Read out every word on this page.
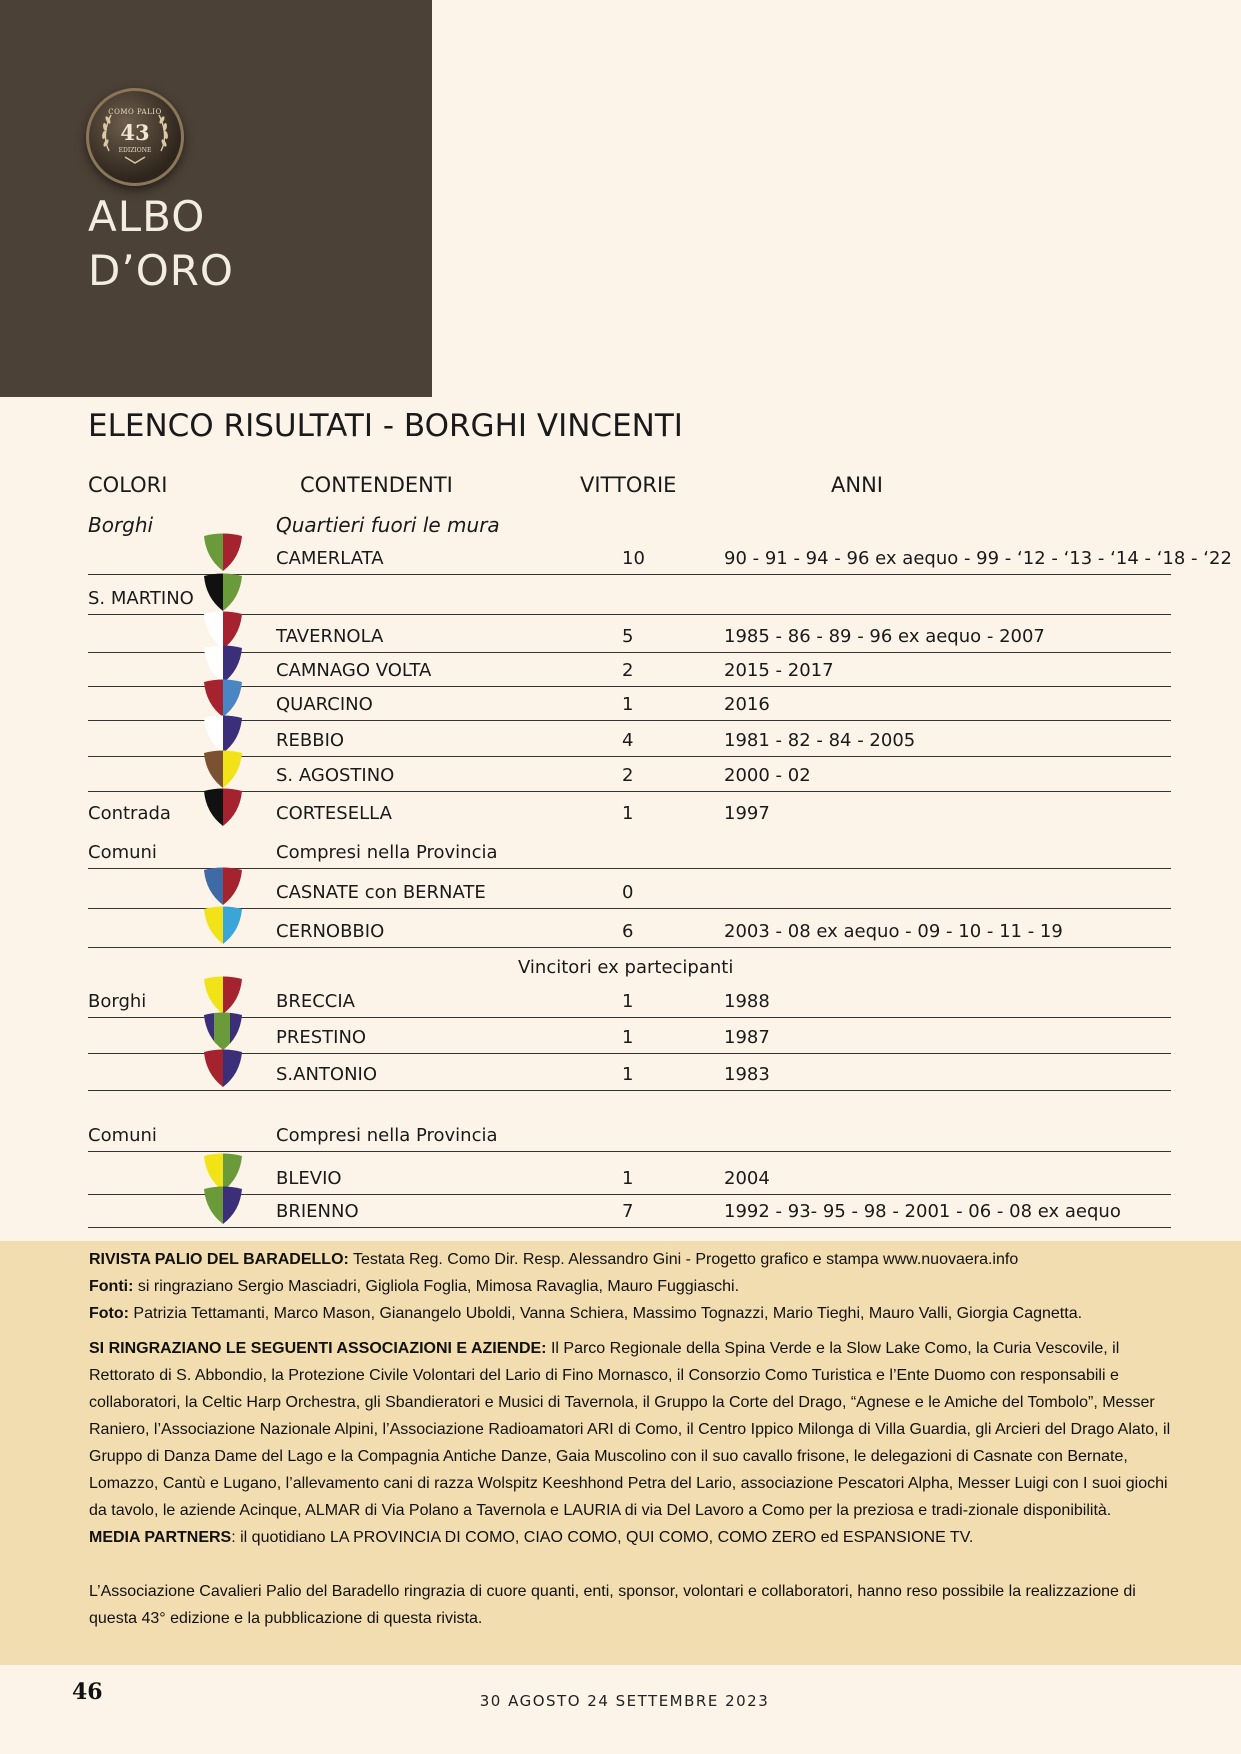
COMO PALIO
43
EDIZIONE
ALBO
D’ORO
ELENCO RISULTATI - BORGHI VINCENTI
COLORI	CONTENDENTI	VITTORIE	ANNI
Borghi	Quartieri fuori le mura
CAMERLATA	10	90 - 91 - 94 - 96 ex aequo - 99 - ‘12 - ‘13 - ‘14 - ‘18 - ‘22
S. MARTINO
TAVERNOLA	5	1985 - 86 - 89 - 96 ex aequo - 2007
CAMNAGO VOLTA	2	2015 - 2017
QUARCINO	1	2016
REBBIO	4	1981 - 82 - 84 - 2005
S. AGOSTINO	2	2000 - 02
Contrada	CORTESELLA	1	1997
Comuni	Compresi nella Provincia
CASNATE con BERNATE	0
CERNOBBIO	6	2003 - 08 ex aequo - 09 - 10 - 11 - 19
Vincitori ex partecipanti
Borghi	BRECCIA	1	1988
PRESTINO	1	1987
S.ANTONIO	1	1983
Comuni	Compresi nella Provincia
BLEVIO	1	2004
BRIENNO	7	1992 - 93- 95 - 98 - 2001 - 06 - 08 ex aequo

RIVISTA PALIO DEL BARADELLO: Testata Reg. Como Dir. Resp. Alessandro Gini - Progetto grafico e stampa www.nuovaera.info

Fonti: si ringraziano Sergio Masciadri, Gigliola Foglia, Mimosa Ravaglia, Mauro Fuggiaschi.

Foto: Patrizia Tettamanti, Marco Mason, Gianangelo Uboldi, Vanna Schiera, Massimo Tognazzi, Mario Tieghi, Mauro Valli, Giorgia Cagnetta.

SI RINGRAZIANO LE SEGUENTI ASSOCIAZIONI E AZIENDE: Il Parco Regionale della Spina Verde e la Slow Lake Como, la Curia Vescovile, il Rettorato di S. Abbondio, la Protezione Civile Volontari del Lario di Fino Mornasco, il Consorzio Como Turistica e l’Ente Duomo con responsabili e collaboratori, la Celtic Harp Orchestra, gli Sbandieratori e Musici di Tavernola, il Gruppo la Corte del Drago, “Agnese e le Amiche del Tombolo”, Messer Raniero, l’Associazione Nazionale Alpini, l’Associazione Radioamatori ARI di Como, il Centro Ippico Milonga di Villa Guardia, gli Arcieri del Drago Alato, il Gruppo di Danza Dame del Lago e la Compagnia Antiche Danze, Gaia Muscolino con il suo cavallo frisone, le delegazioni di Casnate con Bernate, Lomazzo, Cantù e Lugano, l’allevamento cani di razza Wolspitz Keeshhond Petra del Lario, associazione Pescatori Alpha, Messer Luigi con I suoi giochi da tavolo, le aziende Acinque, ALMAR di Via Polano a Tavernola e LAURIA di via Del Lavoro a Como per la preziosa e tradi-zionale disponibilità.

MEDIA PARTNERS: il quotidiano LA PROVINCIA DI COMO, CIAO COMO, QUI COMO, COMO ZERO ed ESPANSIONE TV.

L’Associazione Cavalieri Palio del Baradello ringrazia di cuore quanti, enti, sponsor, volontari e collaboratori, hanno reso possibile la realizzazione di questa 43° edizione e la pubblicazione di questa rivista.

46	30 AGOSTO 24 SETTEMBRE 2023
